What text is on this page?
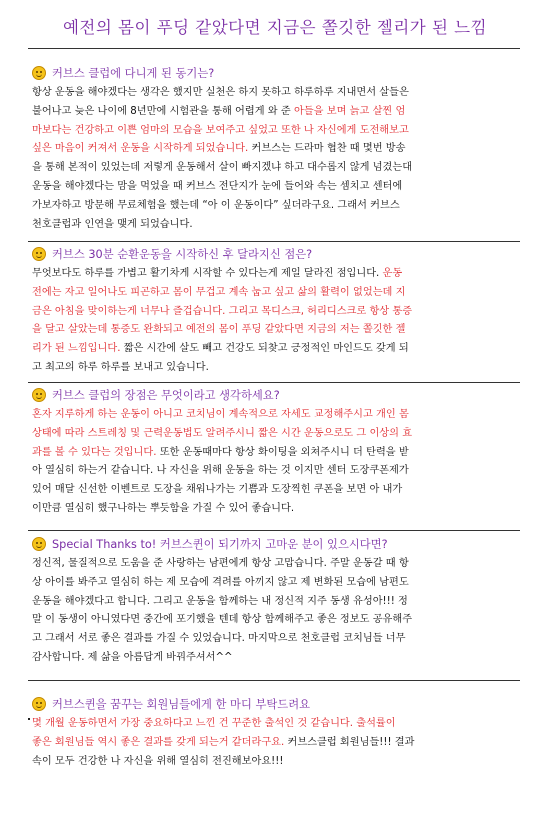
예전의 몸이 푸딩 같았다면 지금은 쫄깃한 젤리가 된 느낌
커브스 클럽에 다니게 된 동기는?
항상 운동을 해야겠다는 생각은 했지만 실천은 하지 못하고 하루하루 지내면서 살들은
불어나고 늦은 나이에 8년만에 시험관을 통해 어렵게 와 준 아들을 보며 늙고 살찐 엄
마보다는 건강하고 이쁜 엄마의 모습을 보여주고 싶었고 또한 나 자신에게 도전해보고
싶은 마음이 커져서 운동을 시작하게 되었습니다. 커브스는 드라마 협찬 때 몇번 방송
을 통해 본적이 있었는데 저렇게 운동해서 살이 빠지겠냐 하고 대수롭지 않게 넘겼는대
운동을 해야겠다는 맘을 먹었을 때 커브스 전단지가 눈에 들어와 속는 셈치고 센터에
가보자하고 방문해 무료체험을 했는데 “아 이 운동이다” 싶더라구요. 그래서 커브스
천호클럽과 인연을 맺게 되었습니다.
커브스 30분 순환운동을 시작하신 후 달라지신 점은?
무엇보다도 하루를 가볍고 활기차게 시작할 수 있다는게 제일 달라진 점입니다. 운동
전에는 자고 일어나도 피곤하고 몸이 무겁고 계속 눕고 싶고 삶의 활력이 없었는데 지
금은 아침을 맞이하는게 너무나 즐겁습니다. 그리고 목디스크, 허리디스크로 항상 통증
을 달고 살았는데 통증도 완화되고 예전의 몸이 푸딩 같았다면 지금의 저는 쫄깃한 젤
리가 된 느낌입니다. 짧은 시간에 살도 빼고 건강도 되찾고 긍정적인 마인드도 갖게 되
고 최고의 하루 하루를 보내고 있습니다.
커브스 클럽의 장점은 무엇이라고 생각하세요?
혼자 지루하게 하는 운동이 아니고 코치님이 계속적으로 자세도 교정해주시고 개인 몸
상태에 따라 스트레칭 및 근력운동법도 알려주시니 짧은 시간 운동으로도 그 이상의 효
과를 볼 수 있다는 것입니다. 또한 운동때마다 항상 화이팅을 외쳐주시니 더 탄력을 받
아 열심히 하는거 같습니다. 나 자신을 위해 운동을 하는 것 이지만 센터 도장쿠폰제가
있어 매달 신선한 이벤트로 도장을 채워나가는 기쁨과 도장찍힌 쿠폰을 보면 아 내가
이만큼 열심히 했구나하는 뿌듯함을 가질 수 있어 좋습니다.
Special Thanks to! 커브스퀸이 되기까지 고마운 분이 있으시다면?
정신적, 물질적으로 도움을 준 사랑하는 남편에게 항상 고맙습니다. 주말 운동갈 때 항
상 아이를 봐주고 열심히 하는 제 모습에 격려를 아끼지 않고 제 변화된 모습에 남편도
운동을 해야겠다고 합니다. 그리고 운동을 함께하는 내 정신적 지주 동생 유성아!!! 정
말 이 동생이 아니였다면 중간에 포기했을 텐데 항상 함께해주고 좋은 정보도 공유해주
고 그래서 서로 좋은 결과를 가질 수 있었습니다. 마지막으로 천호클럽 코치님들 너무
감사합니다. 제 삶을 아름답게 바꿔주셔서^^
커브스퀸을 꿈꾸는 회원님들에게 한 마디 부탁드려요
몇 개월 운동하면서 가장 중요하다고 느낀 건 꾸준한 출석인 것 같습니다. 출석률이
좋은 회원님들 역시 좋은 결과를 갖게 되는거 같더라구요. 커브스클럽 회원님들!!! 결과
속이 모두 건강한 나 자신을 위해 열심히 전진해보아요!!!
